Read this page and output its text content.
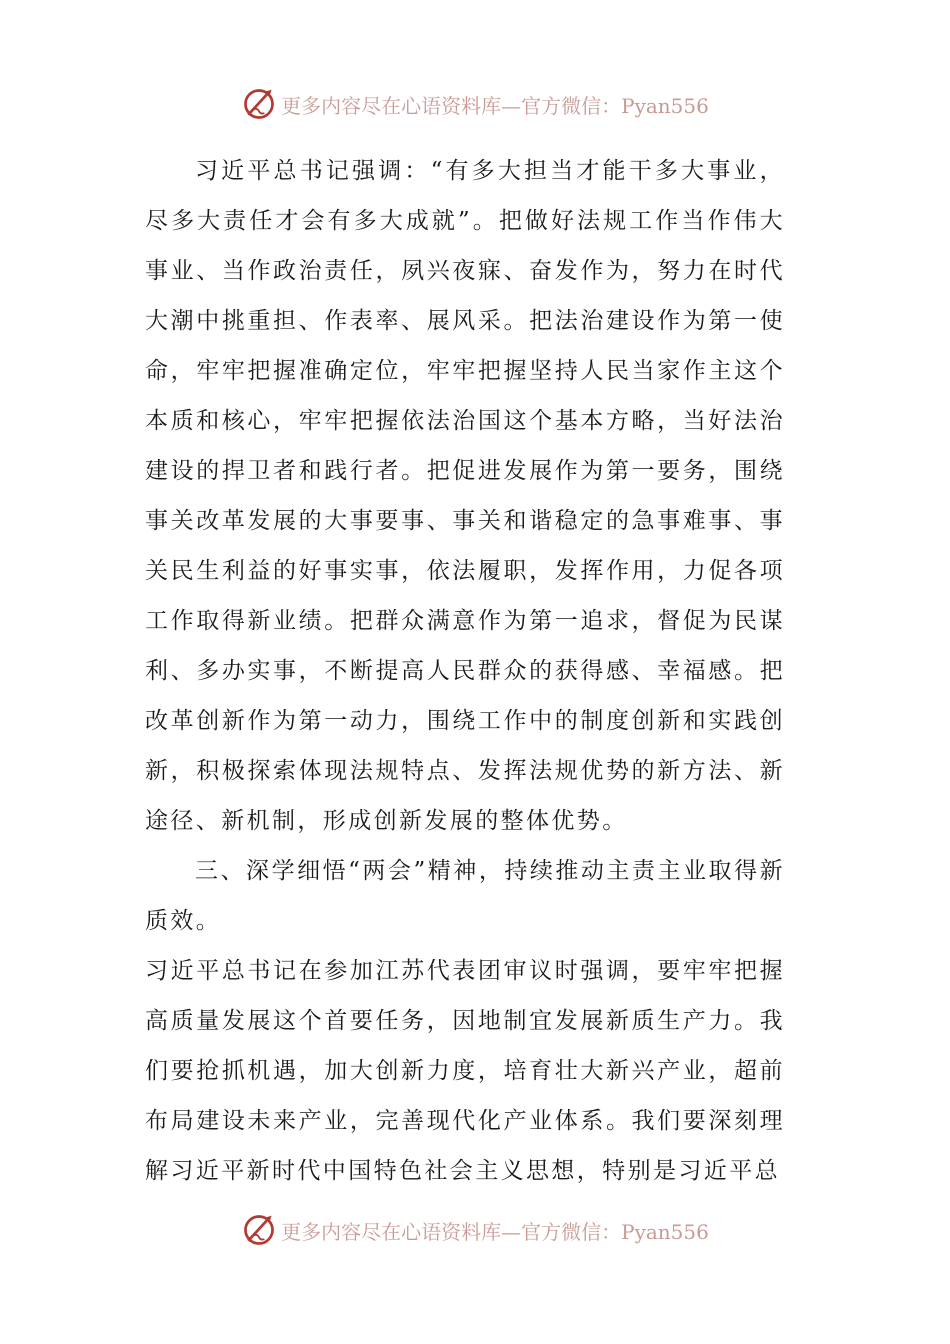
更多内容尽在心语资料库—官方微信：Pyan556

习近平总书记强调：“有多大担当才能干多大事业，尽多大责任才会有多大成就”。把做好法规工作当作伟大事业、当作政治责任，夙兴夜寐、奋发作为，努力在时代大潮中挑重担、作表率、展风采。把法治建设作为第一使命，牢牢把握准确定位，牢牢把握坚持人民当家作主这个本质和核心，牢牢把握依法治国这个基本方略，当好法治建设的捍卫者和践行者。把促进发展作为第一要务，围绕事关改革发展的大事要事、事关和谐稳定的急事难事、事关民生利益的好事实事，依法履职，发挥作用，力促各项工作取得新业绩。把群众满意作为第一追求，督促为民谋利、多办实事，不断提高人民群众的获得感、幸福感。把改革创新作为第一动力，围绕工作中的制度创新和实践创新，积极探索体现法规特点、发挥法规优势的新方法、新途径、新机制，形成创新发展的整体优势。

三、深学细悟“两会”精神，持续推动主责主业取得新质效。

习近平总书记在参加江苏代表团审议时强调，要牢牢把握高质量发展这个首要任务，因地制宜发展新质生产力。我们要抢抓机遇，加大创新力度，培育壮大新兴产业，超前布局建设未来产业，完善现代化产业体系。我们要深刻理解习近平新时代中国特色社会主义思想，特别是习近平总

更多内容尽在心语资料库—官方微信：Pyan556
